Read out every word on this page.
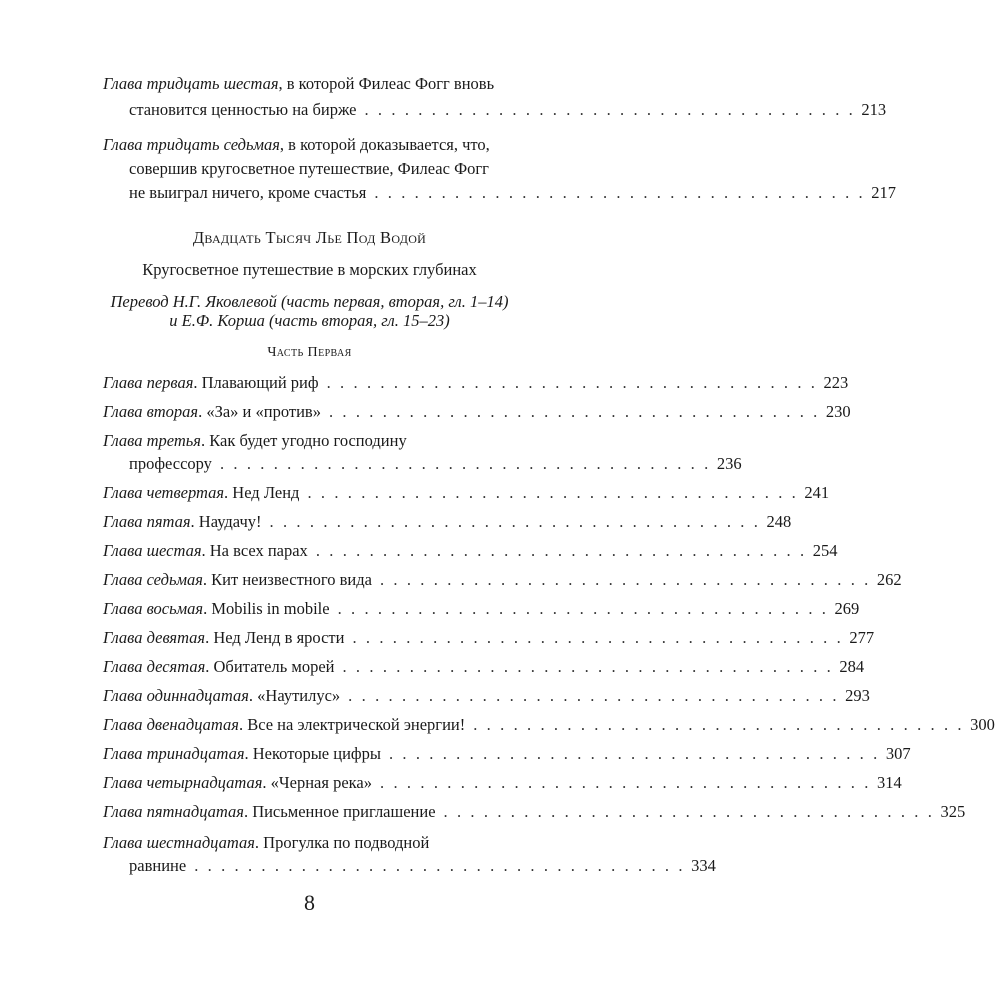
Глава тридцать шестая, в которой Филеас Фогг вновь
становится ценностью на бирже . . . . . . . . . . . . . . . . . . . . . . . . . . . . . . . . . . . . . 213
Глава тридцать седьмая, в которой доказывается, что,
совершив кругосветное путешествие, Филеас Фогг
не выиграл ничего, кроме счастья . . . . . . . . . . . . . . . . . . . . . . . . . . . . . . . . . . . . . 217
Двадцать Тысяч Лье Под Водой
Кругосветное путешествие в морских глубинах
Перевод Н.Г. Яковлевой (часть первая, вторая, гл. 1–14)
и Е.Ф. Корша (часть вторая, гл. 15–23)
Часть Первая
Глава первая. Плавающий риф . . . . . . . . . . . . . . . . . . . . . . . . . . . . . . . . . . . . . 223
Глава вторая. «За» и «против» . . . . . . . . . . . . . . . . . . . . . . . . . . . . . . . . . . . . . 230
Глава третья. Как будет угодно господину
профессору . . . . . . . . . . . . . . . . . . . . . . . . . . . . . . . . . . . . . 236
Глава четвертая. Нед Ленд . . . . . . . . . . . . . . . . . . . . . . . . . . . . . . . . . . . . . 241
Глава пятая. Наудачу! . . . . . . . . . . . . . . . . . . . . . . . . . . . . . . . . . . . . . 248
Глава шестая. На всех парах . . . . . . . . . . . . . . . . . . . . . . . . . . . . . . . . . . . . . 254
Глава седьмая. Кит неизвестного вида . . . . . . . . . . . . . . . . . . . . . . . . . . . . . . . . . . . . . 262
Глава восьмая. Mobilis in mobile . . . . . . . . . . . . . . . . . . . . . . . . . . . . . . . . . . . . . 269
Глава девятая. Нед Ленд в ярости . . . . . . . . . . . . . . . . . . . . . . . . . . . . . . . . . . . . . 277
Глава десятая. Обитатель морей . . . . . . . . . . . . . . . . . . . . . . . . . . . . . . . . . . . . . 284
Глава одиннадцатая. «Наутилус» . . . . . . . . . . . . . . . . . . . . . . . . . . . . . . . . . . . . . 293
Глава двенадцатая. Все на электрической энергии! . . . . . . . . . . . . . . . . . . . . . . . . . . . . . . . . . . . . . 300
Глава тринадцатая. Некоторые цифры . . . . . . . . . . . . . . . . . . . . . . . . . . . . . . . . . . . . . 307
Глава четырнадцатая. «Черная река» . . . . . . . . . . . . . . . . . . . . . . . . . . . . . . . . . . . . . 314
Глава пятнадцатая. Письменное приглашение . . . . . . . . . . . . . . . . . . . . . . . . . . . . . . . . . . . . . 325
Глава шестнадцатая. Прогулка по подводной
равнине . . . . . . . . . . . . . . . . . . . . . . . . . . . . . . . . . . . . . 334
8
